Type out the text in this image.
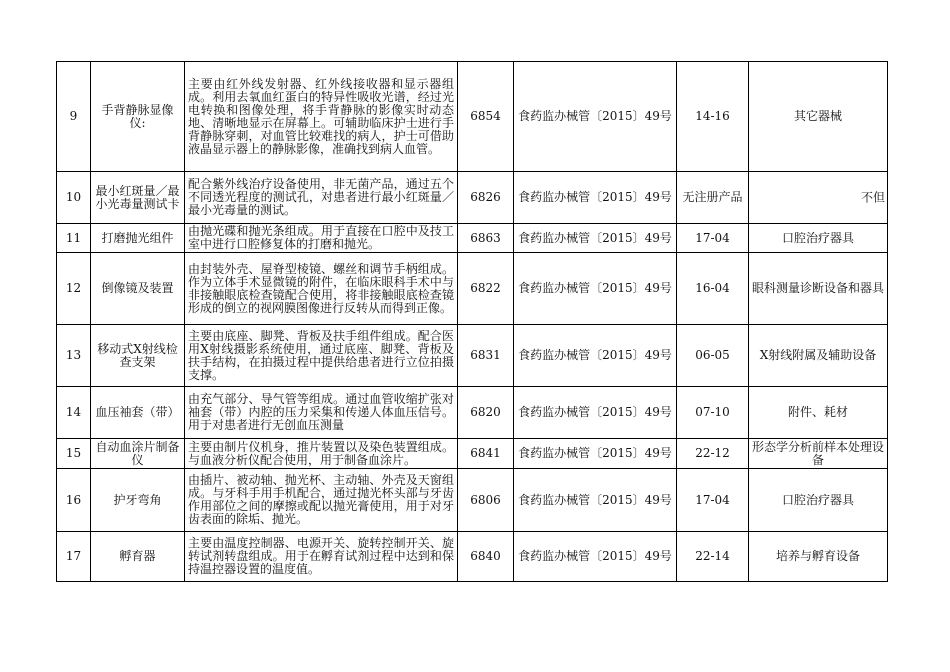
9	手背静脉显像仪:	主要由红外线发射器、红外线接收器和显示器组成。利用去氧血红蛋白的特异性吸收光谱，经过光电转换和图像处理，将手背静脉的影像实时动态地、清晰地显示在屏幕上。可辅助临床护士进行手背静脉穿刺，对血管比较难找的病人，护士可借助液晶显示器上的静脉影像，准确找到病人血管。	6854	食药监办械管〔2015〕49号	14-16	其它器械
10	最小红斑量／最小光毒量测试卡	配合紫外线治疗设备使用，非无菌产品，通过五个不同透光程度的测试孔，对患者进行最小红斑量／最小光毒量的测试。	6826	食药监办械管〔2015〕49号	无注册产品	不但

11	打磨抛光组件	由抛光碟和抛光条组成。用于直接在口腔中及技工室中进行口腔修复体的打磨和抛光。	6863	食药监办械管〔2015〕49号	17-04	口腔治疗器具
12	倒像镜及装置	由封装外壳、屋脊型棱镜、螺丝和调节手柄组成。作为立体手术显微镜的附件，在临床眼科手术中与非接触眼底检查镜配合使用，将非接触眼底检查镜形成的倒立的视网膜图像进行反转从而得到正像。	6822	食药监办械管〔2015〕49号	16-04	眼科测量诊断设备和器具
13	移动式X射线检查支架	主要由底座、脚凳、背板及扶手组件组成。配合医用X射线摄影系统使用，通过底座、脚凳、背板及扶手结构，在拍摄过程中提供给患者进行立位拍摄支撑。	6831	食药监办械管〔2015〕49号	06-05	X射线附属及辅助设备
14	血压袖套（带）	由充气部分、导气管等组成。通过血管收缩扩张对袖套（带）内腔的压力采集和传递人体血压信号。用于对患者进行无创血压测量	6820	食药监办械管〔2015〕49号	07-10	附件、耗材
15	自动血涂片制备仪	主要由制片仪机身，推片装置以及染色装置组成。与血液分析仪配合使用，用于制备血涂片。	6841	食药监办械管〔2015〕49号	22-12	形态学分析前样本处理设备
16	护牙弯角	由插片、被动轴、抛光杯、主动轴、外壳及天窗组成。与牙科手用手机配合，通过抛光杯头部与牙齿作用部位之间的摩擦或配以抛光膏使用，用于对牙齿表面的除垢、抛光。	6806	食药监办械管〔2015〕49号	17-04	口腔治疗器具
17	孵育器	主要由温度控制器、电源开关、旋转控制开关、旋转试剂转盘组成。用于在孵育试剂过程中达到和保持温控器设置的温度值。	6840	食药监办械管〔2015〕49号	22-14	培养与孵育设备
